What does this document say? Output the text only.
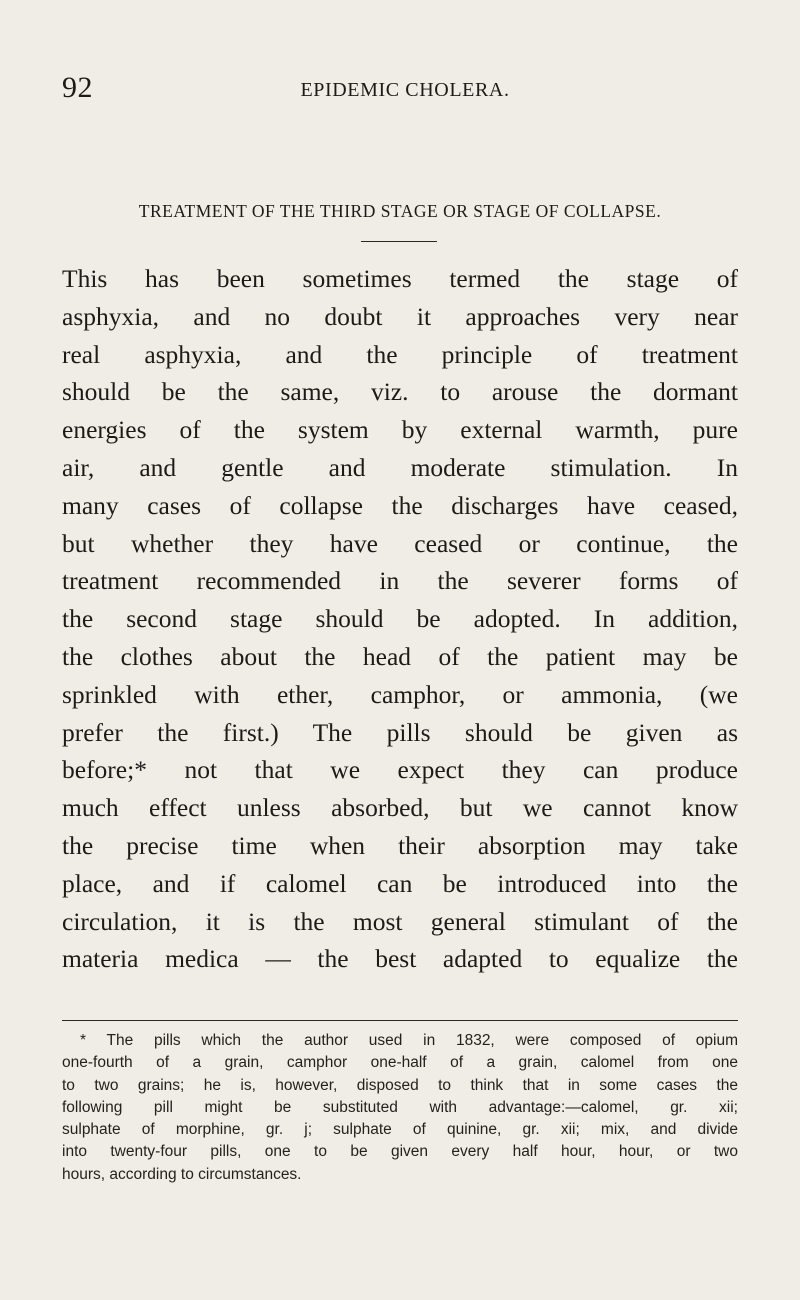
92	EPIDEMIC CHOLERA.
TREATMENT OF THE THIRD STAGE OR STAGE OF COLLAPSE.
This has been sometimes termed the stage of
asphyxia, and no doubt it approaches very near
real asphyxia, and the principle of treatment
should be the same, viz. to arouse the dormant
energies of the system by external warmth, pure
air, and gentle and moderate stimulation. In
many cases of collapse the discharges have ceased,
but whether they have ceased or continue, the
treatment recommended in the severer forms of
the second stage should be adopted. In addition,
the clothes about the head of the patient may be
sprinkled with ether, camphor, or ammonia, (we
prefer the first.) The pills should be given as
before;* not that we expect they can produce
much effect unless absorbed, but we cannot know
the precise time when their absorption may take
place, and if calomel can be introduced into the
circulation, it is the most general stimulant of the
materia medica — the best adapted to equalize the
* The pills which the author used in 1832, were composed of opium
one-fourth of a grain, camphor one-half of a grain, calomel from one
to two grains; he is, however, disposed to think that in some cases the
following pill might be substituted with advantage:—calomel, gr. xii;
sulphate of morphine, gr. j; sulphate of quinine, gr. xii; mix, and divide
into twenty-four pills, one to be given every half hour, hour, or two
hours, according to circumstances.
